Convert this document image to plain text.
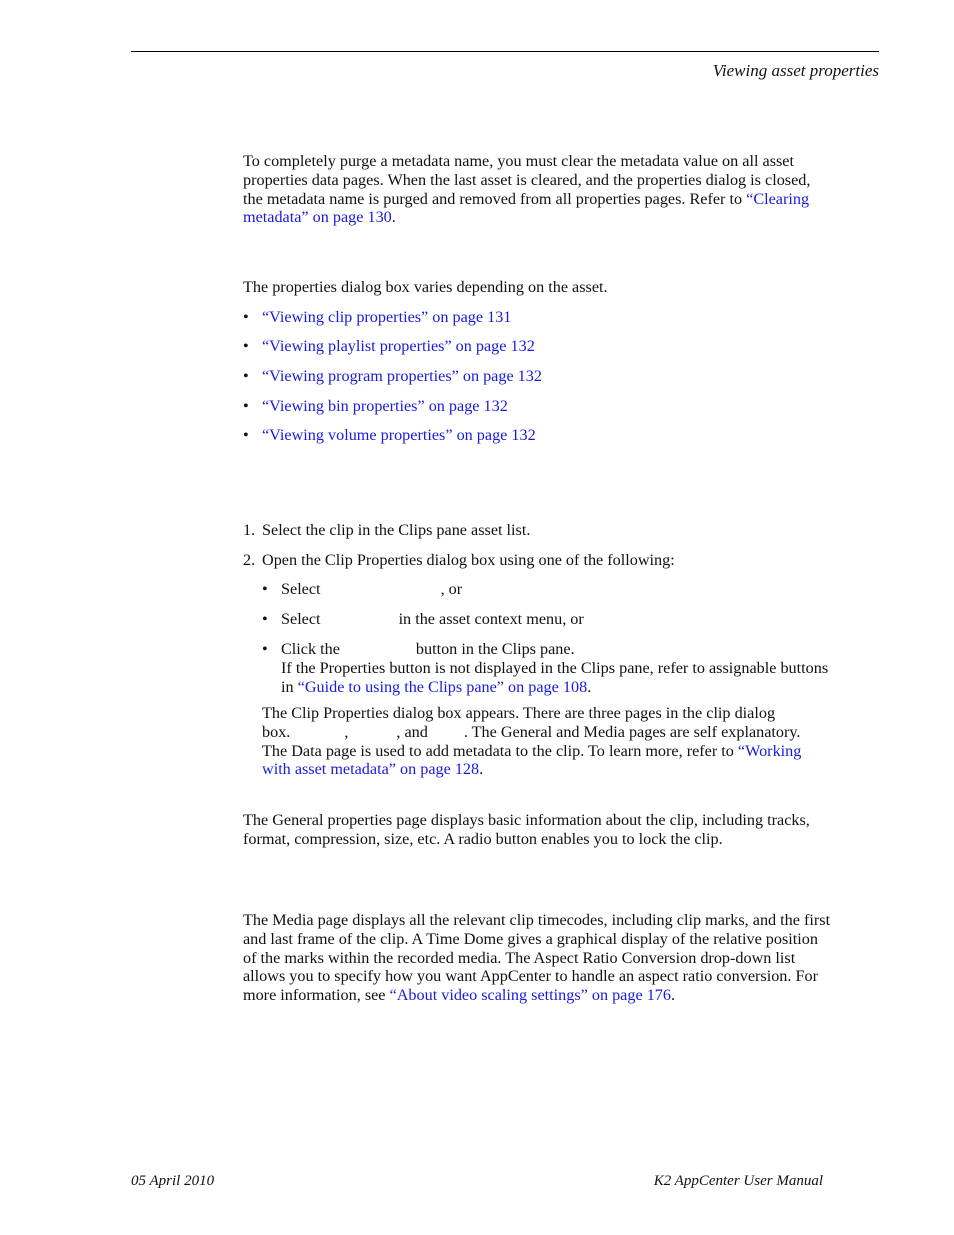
Viewing asset properties

To completely purge a metadata name, you must clear the metadata value on all asset properties data pages. When the last asset is cleared, and the properties dialog is closed, the metadata name is purged and removed from all properties pages. Refer to “Clearing metadata” on page 130.

The properties dialog box varies depending on the asset.

• “Viewing clip properties” on page 131
• “Viewing playlist properties” on page 132
• “Viewing program properties” on page 132
• “Viewing bin properties” on page 132
• “Viewing volume properties” on page 132
1. Select the clip in the Clips pane asset list.
2. Open the Clip Properties dialog box using one of the following:
• Select	, or
• Select	in the asset context menu, or
• Click the	button in the Clips pane.
If the Properties button is not displayed in the Clips pane, refer to assignable buttons in “Guide to using the Clips pane” on page 108.
The Clip Properties dialog box appears. There are three pages in the clip dialog
box.	,	, and . The General and Media pages are self explanatory.
The Data page is used to add metadata to the clip. To learn more, refer to “Working with asset metadata” on page 128.

The General properties page displays basic information about the clip, including tracks, format, compression, size, etc. A radio button enables you to lock the clip.

The Media page displays all the relevant clip timecodes, including clip marks, and the first and last frame of the clip. A Time Dome gives a graphical display of the relative position of the marks within the recorded media. The Aspect Ratio Conversion drop-down list allows you to specify how you want AppCenter to handle an aspect ratio conversion. For more information, see “About video scaling settings” on page 176.

05 April 2010	K2 AppCenter User Manual
